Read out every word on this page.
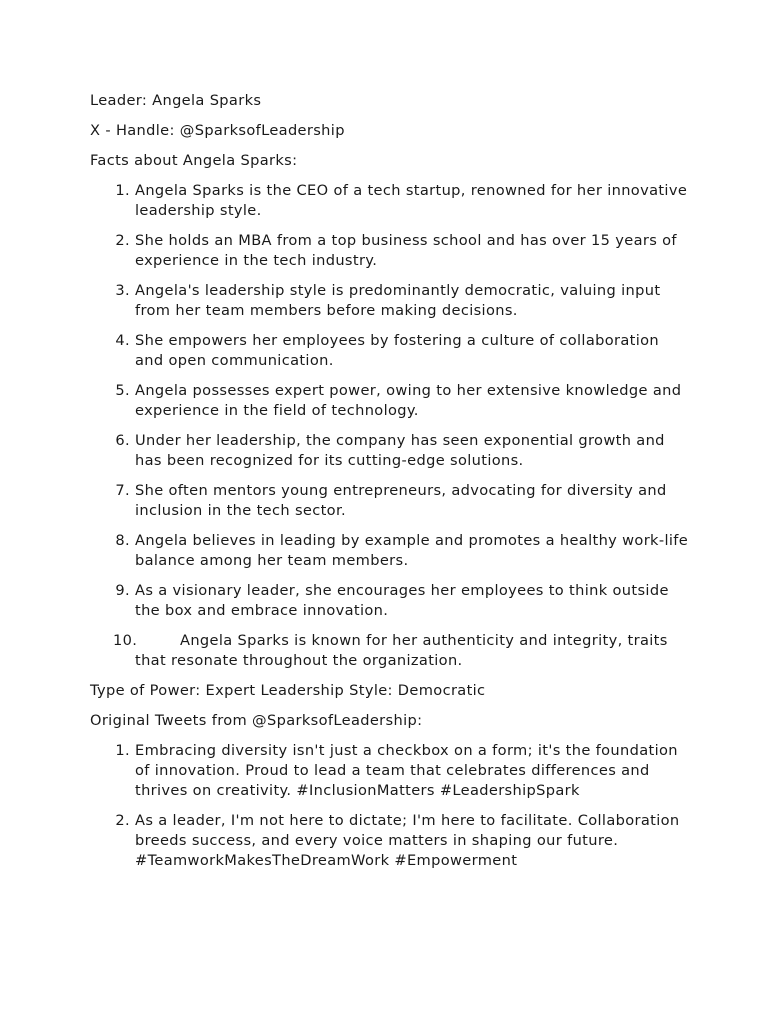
Leader: Angela Sparks

X - Handle: @SparksofLeadership

Facts about Angela Sparks:

1. Angela Sparks is the CEO of a tech startup, renowned for her innovative leadership style.
2. She holds an MBA from a top business school and has over 15 years of experience in the tech industry.
3. Angela's leadership style is predominantly democratic, valuing input from her team members before making decisions.
4. She empowers her employees by fostering a culture of collaboration and open communication.
5. Angela possesses expert power, owing to her extensive knowledge and experience in the field of technology.
6. Under her leadership, the company has seen exponential growth and has been recognized for its cutting-edge solutions.
7. She often mentors young entrepreneurs, advocating for diversity and inclusion in the tech sector.
8. Angela believes in leading by example and promotes a healthy work-life balance among her team members.
9. As a visionary leader, she encourages her employees to think outside the box and embrace innovation.
10.	Angela Sparks is known for her authenticity and integrity, traits that resonate throughout the organization.

Type of Power: Expert Leadership Style: Democratic

Original Tweets from @SparksofLeadership:

1. Embracing diversity isn't just a checkbox on a form; it's the foundation of innovation. Proud to lead a team that celebrates differences and thrives on creativity. #InclusionMatters #LeadershipSpark
2. As a leader, I'm not here to dictate; I'm here to facilitate. Collaboration breeds success, and every voice matters in shaping our future. #TeamworkMakesTheDreamWork #Empowerment
